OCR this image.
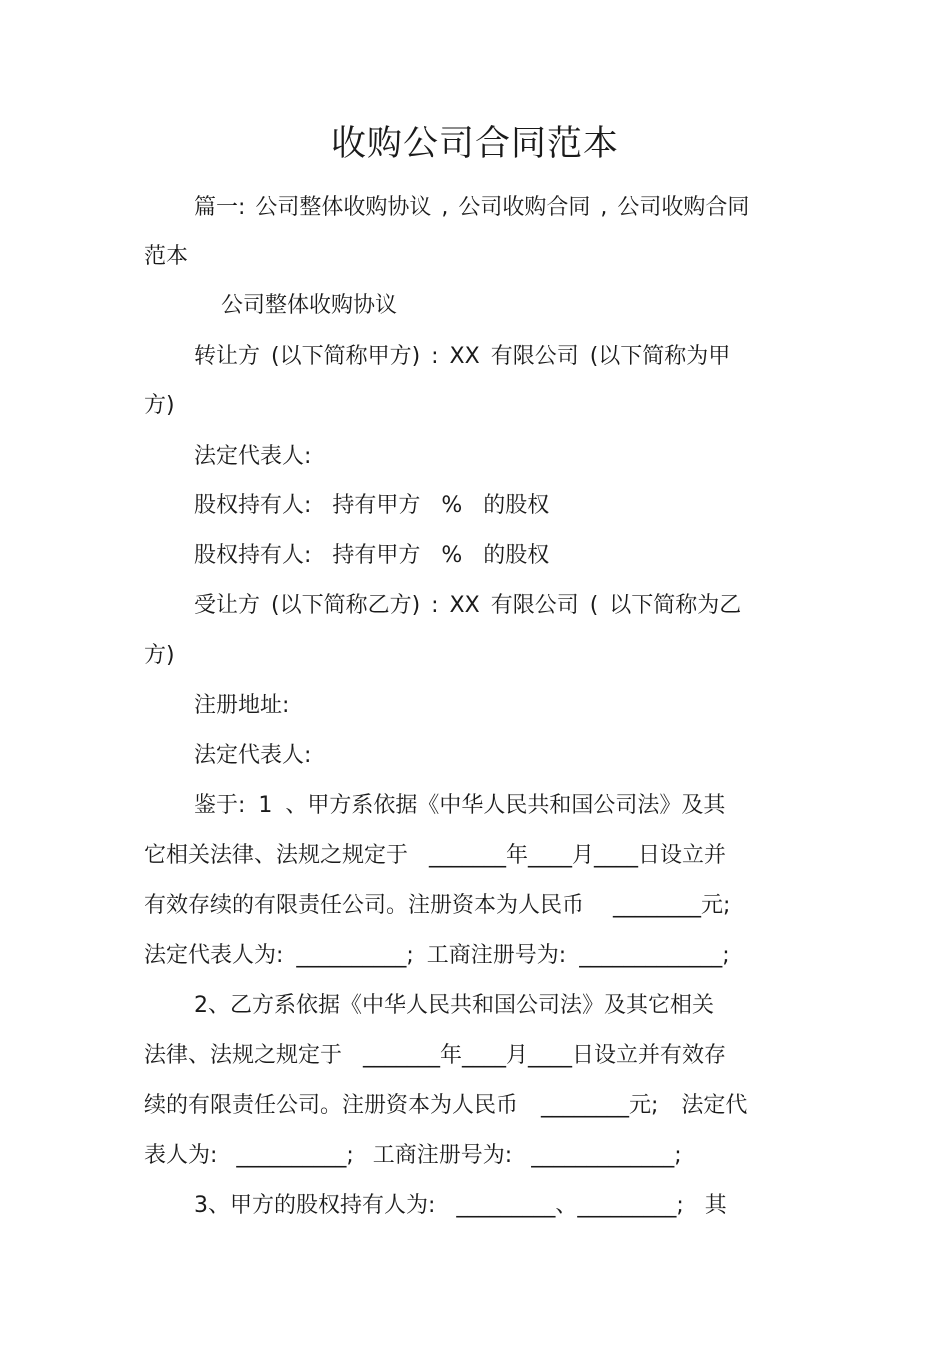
收购公司合同范本
篇一: 公司整体收购协议 , 公司收购合同 , 公司收购合同
范本
公司整体收购协议
转让方 (以下简称甲方) : XX 有限公司 (以下简称为甲
方)
法定代表人:
股权持有人: 持有甲方 % 的股权
股权持有人: 持有甲方 % 的股权
受让方 (以下简称乙方) : XX 有限公司 ( 以下简称为乙
方)
注册地址:
法定代表人:
鉴于: 1 、甲方系依据《中华人民共和国公司法》及其
它相关法律、法规之规定于 _______年____月____日设立并
有效存续的有限责任公司。注册资本为人民币 ________元;
法定代表人为: __________; 工商注册号为: _____________;
2、乙方系依据《中华人民共和国公司法》及其它相关
法律、法规之规定于 _______年____月____日设立并有效存
续的有限责任公司。注册资本为人民币 ________元; 法定代
表人为: __________; 工商注册号为: _____________;
3、甲方的股权持有人为: _________、_________; 其
